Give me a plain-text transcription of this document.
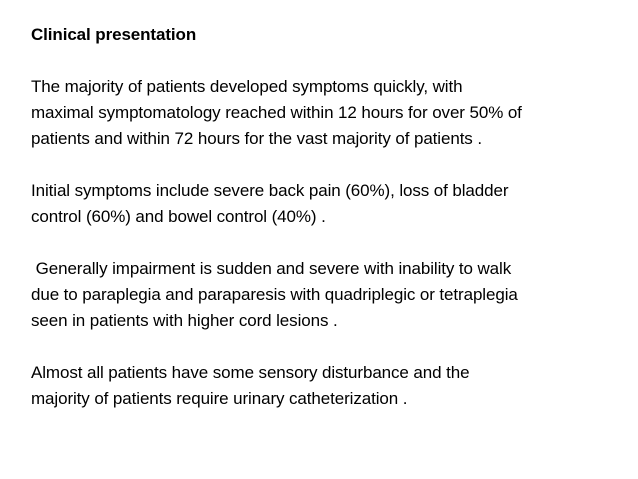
Clinical presentation
The majority of patients developed symptoms quickly, with
maximal symptomatology reached within 12 hours for over 50% of
patients and within 72 hours for the vast majority of patients .
Initial symptoms include severe back pain (60%), loss of bladder
control (60%) and bowel control (40%) .
Generally impairment is sudden and severe with inability to walk
due to paraplegia and paraparesis with quadriplegic or tetraplegia
seen in patients with higher cord lesions .
Almost all patients have some sensory disturbance and the
majority of patients require urinary catheterization .
